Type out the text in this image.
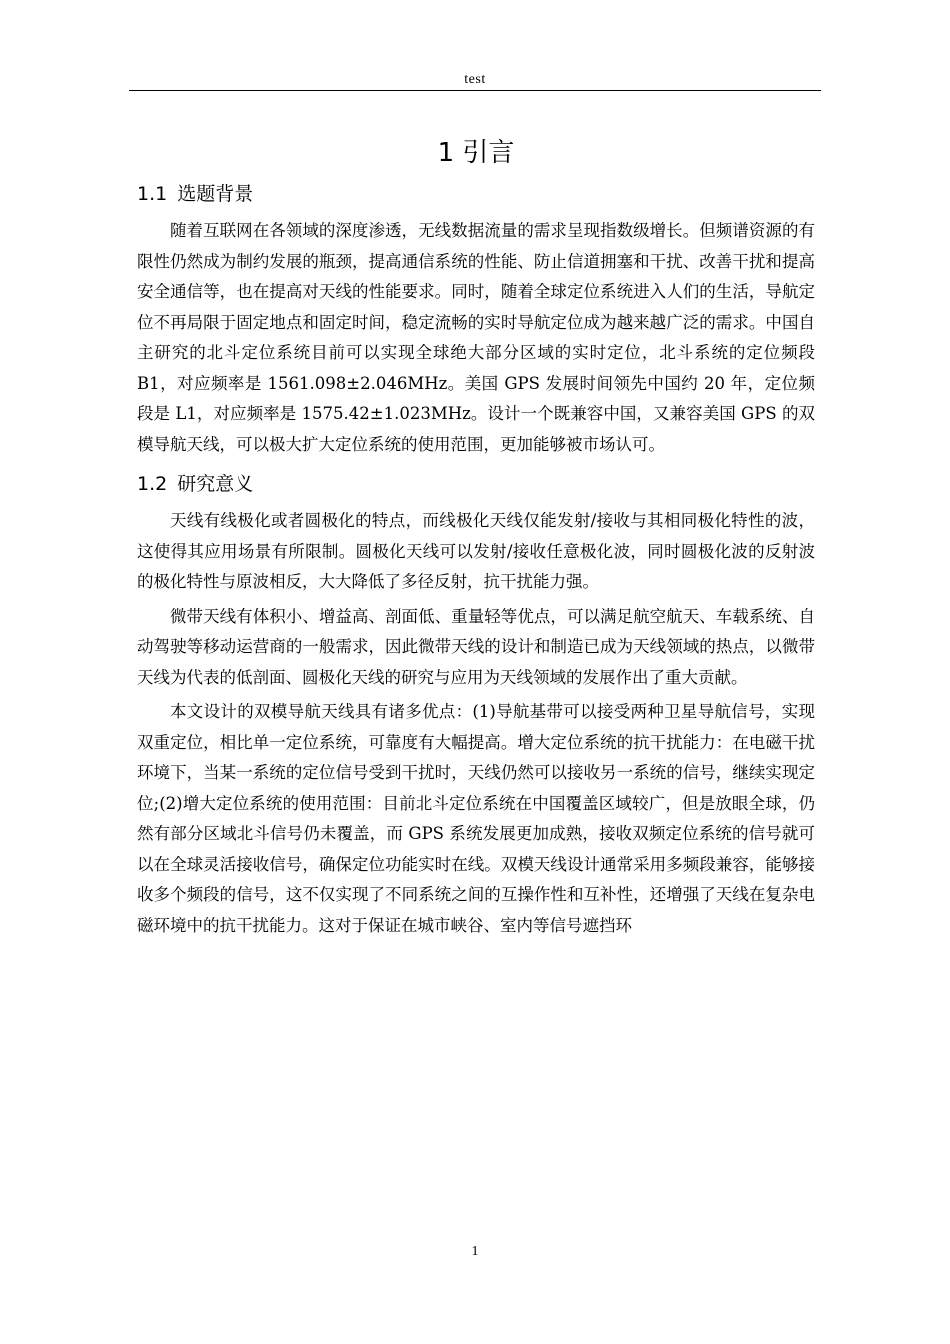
test
1 引言
1.1 选题背景

随着互联网在各领域的深度渗透，无线数据流量的需求呈现指数级增长。但频谱资源的有限性仍然成为制约发展的瓶颈，提高通信系统的性能、防止信道拥塞和干扰、改善干扰和提高安全通信等，也在提高对天线的性能要求。同时，随着全球定位系统进入人们的生活，导航定位不再局限于固定地点和固定时间，稳定流畅的实时导航定位成为越来越广泛的需求。中国自主研究的北斗定位系统目前可以实现全球绝大部分区域的实时定位，北斗系统的定位频段 B1，对应频率是 1561.098±2.046MHz。美国 GPS 发展时间领先中国约 20 年，定位频段是 L1，对应频率是 1575.42±1.023MHz。设计一个既兼容中国，又兼容美国 GPS 的双模导航天线，可以极大扩大定位系统的使用范围，更加能够被市场认可。

1.2 研究意义

天线有线极化或者圆极化的特点，而线极化天线仅能发射/接收与其相同极化特性的波，这使得其应用场景有所限制。圆极化天线可以发射/接收任意极化波，同时圆极化波的反射波的极化特性与原波相反，大大降低了多径反射，抗干扰能力强。

微带天线有体积小、增益高、剖面低、重量轻等优点，可以满足航空航天、车载系统、自动驾驶等移动运营商的一般需求，因此微带天线的设计和制造已成为天线领域的热点，以微带天线为代表的低剖面、圆极化天线的研究与应用为天线领域的发展作出了重大贡献。

本文设计的双模导航天线具有诸多优点：(1)导航基带可以接受两种卫星导航信号，实现双重定位，相比单一定位系统，可靠度有大幅提高。增大定位系统的抗干扰能力：在电磁干扰环境下，当某一系统的定位信号受到干扰时，天线仍然可以接收另一系统的信号，继续实现定位;(2)增大定位系统的使用范围：目前北斗定位系统在中国覆盖区域较广，但是放眼全球，仍然有部分区域北斗信号仍未覆盖，而 GPS 系统发展更加成熟，接收双频定位系统的信号就可以在全球灵活接收信号，确保定位功能实时在线。双模天线设计通常采用多频段兼容，能够接收多个频段的信号，这不仅实现了不同系统之间的互操作性和互补性，还增强了天线在复杂电磁环境中的抗干扰能力。这对于保证在城市峡谷、室内等信号遮挡环

1
